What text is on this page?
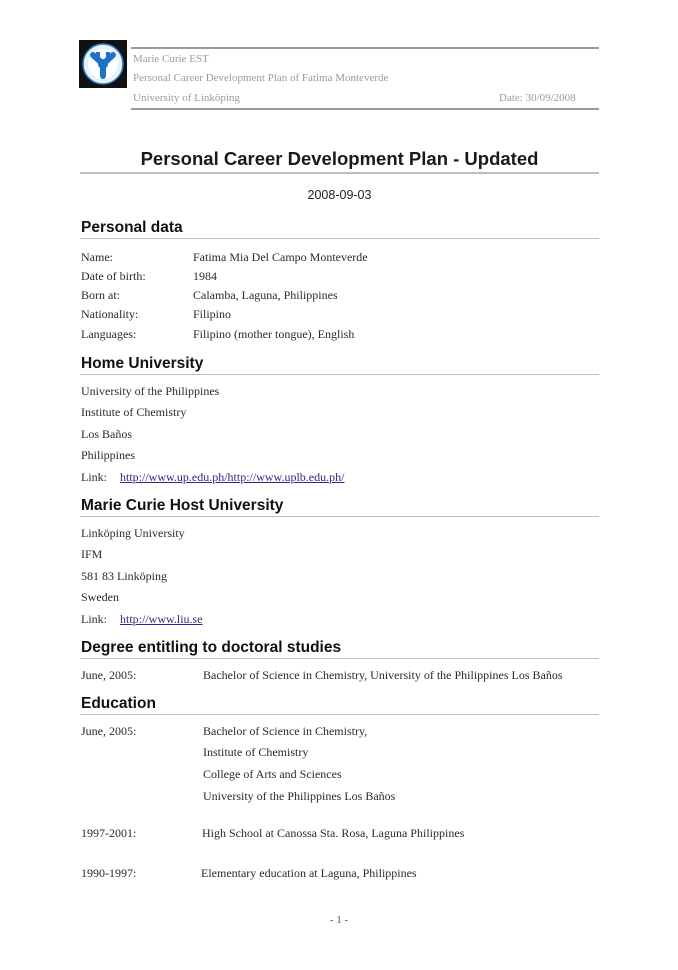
Marie Curie EST
Personal Career Development Plan of Fatima Monteverde
University of Linköping	Date: 30/09/2008
Personal Career Development Plan - Updated
2008-09-03
Personal data
Name:	Fatima Mia Del Campo Monteverde
Date of birth:	1984
Born at:	Calamba, Laguna, Philippines
Nationality:	Filipino
Languages:	Filipino (mother tongue), English
Home University
University of the Philippines
Institute of Chemistry
Los Baños
Philippines
Link: http://www.up.edu.ph/http://www.uplb.edu.ph/
Marie Curie Host University
Linköping University
IFM
581 83 Linköping
Sweden
Link: http://www.liu.se
Degree entitling to doctoral studies
June, 2005:	Bachelor of Science in Chemistry, University of the Philippines Los Baños
Education
June, 2005:	Bachelor of Science in Chemistry,
Institute of Chemistry
College of Arts and Sciences
University of the Philippines Los Baños
1997-2001:	High School at Canossa Sta. Rosa, Laguna Philippines
1990-1997:	Elementary education at Laguna, Philippines
- 1 -
